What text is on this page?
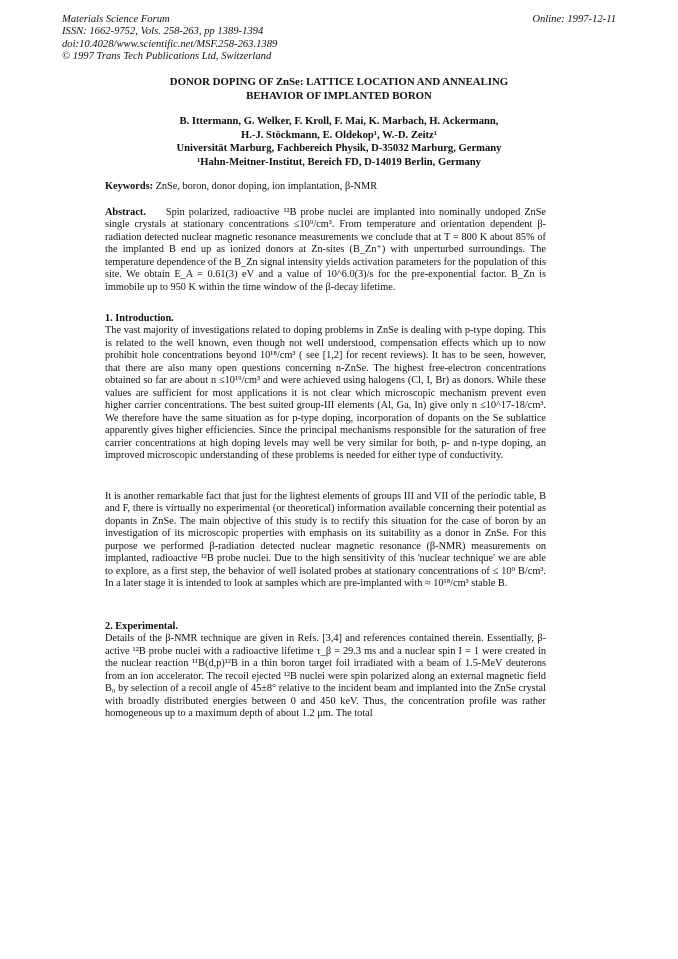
Materials Science Forum
ISSN: 1662-9752, Vols. 258-263, pp 1389-1394
doi:10.4028/www.scientific.net/MSF.258-263.1389
© 1997 Trans Tech Publications Ltd, Switzerland
Online: 1997-12-11
DONOR DOPING OF ZnSe: LATTICE LOCATION AND ANNEALING
BEHAVIOR OF IMPLANTED BORON

B. Ittermann, G. Welker, F. Kroll, F. Mai, K. Marbach, H. Ackermann,

H.-J. Stöckmann, E. Oldekop¹, W.-D. Zeitz¹

Universität Marburg, Fachbereich Physik, D-35032 Marburg, Germany

¹Hahn-Meitner-Institut, Bereich FD, D-14019 Berlin, Germany

Keywords: ZnSe, boron, donor doping, ion implantation, β-NMR

Abstract. Spin polarized, radioactive ¹²B probe nuclei are implanted into nominally undoped ZnSe single crystals at stationary concentrations ≤10⁹/cm³. From temperature and orientation dependent β-radiation detected nuclear magnetic resonance measurements we conclude that at T = 800 K about 85% of the implanted B end up as ionized donors at Zn-sites (B_Zn⁺) with unperturbed surroundings. The temperature dependence of the B_Zn signal intensity yields activation parameters for the population of this site. We obtain E_A = 0.61(3) eV and a value of 10^6.0(3)/s for the pre-exponential factor. B_Zn is immobile up to 950 K within the time window of the β-decay lifetime.

1. Introduction.

The vast majority of investigations related to doping problems in ZnSe is dealing with p-type doping. This is related to the well known, even though not well understood, compensation effects which up to now prohibit hole concentrations beyond 10¹⁸/cm³ ( see [1,2] for recent reviews). It has to be seen, however, that there are also many open questions concerning n-ZnSe. The highest free-electron concentrations obtained so far are about n ≤10¹⁹/cm³ and were achieved using halogens (Cl, I, Br) as donors. While these values are sufficient for most applications it is not clear which microscopic mechanism prevent even higher carrier concentrations. The best suited group-III elements (Al, Ga, In) give only n ≤10^17-18/cm³. We therefore have the same situation as for p-type doping, incorporation of dopants on the Se sublattice apparently gives higher efficiencies. Since the principal mechanisms responsible for the saturation of free carrier concentrations at high doping levels may well be very similar for both, p- and n-type doping, an improved microscopic understanding of these problems is needed for either type of conductivity.

It is another remarkable fact that just for the lightest elements of groups III and VII of the periodic table, B and F, there is virtually no experimental (or theoretical) information available concerning their potential as dopants in ZnSe. The main objective of this study is to rectify this situation for the case of boron by an investigation of its microscopic properties with emphasis on its suitability as a donor in ZnSe. For this purpose we performed β-radiation detected nuclear magnetic resonance (β-NMR) measurements on implanted, radioactive ¹²B probe nuclei. Due to the high sensitivity of this 'nuclear technique' we are able to explore, as a first step, the behavior of well isolated probes at stationary concentrations of ≤ 10⁹ B/cm³. In a later stage it is intended to look at samples which are pre-implanted with ≈ 10¹⁸/cm³ stable B.

2. Experimental.

Details of the β-NMR technique are given in Refs. [3,4] and references contained therein. Essentially, β-active ¹²B probe nuclei with a radioactive lifetime τ_β = 29.3 ms and a nuclear spin I = 1 were created in the nuclear reaction ¹¹B(d,p)¹²B in a thin boron target foil irradiated with a beam of 1.5-MeV deuterons from an ion accelerator. The recoil ejected ¹²B nuclei were spin polarized along an external magnetic field B₀ by selection of a recoil angle of 45±8° relative to the incident beam and implanted into the ZnSe crystal with broadly distributed energies between 0 and 450 keV. Thus, the concentration profile was rather homogeneous up to a maximum depth of about 1.2 μm. The total
